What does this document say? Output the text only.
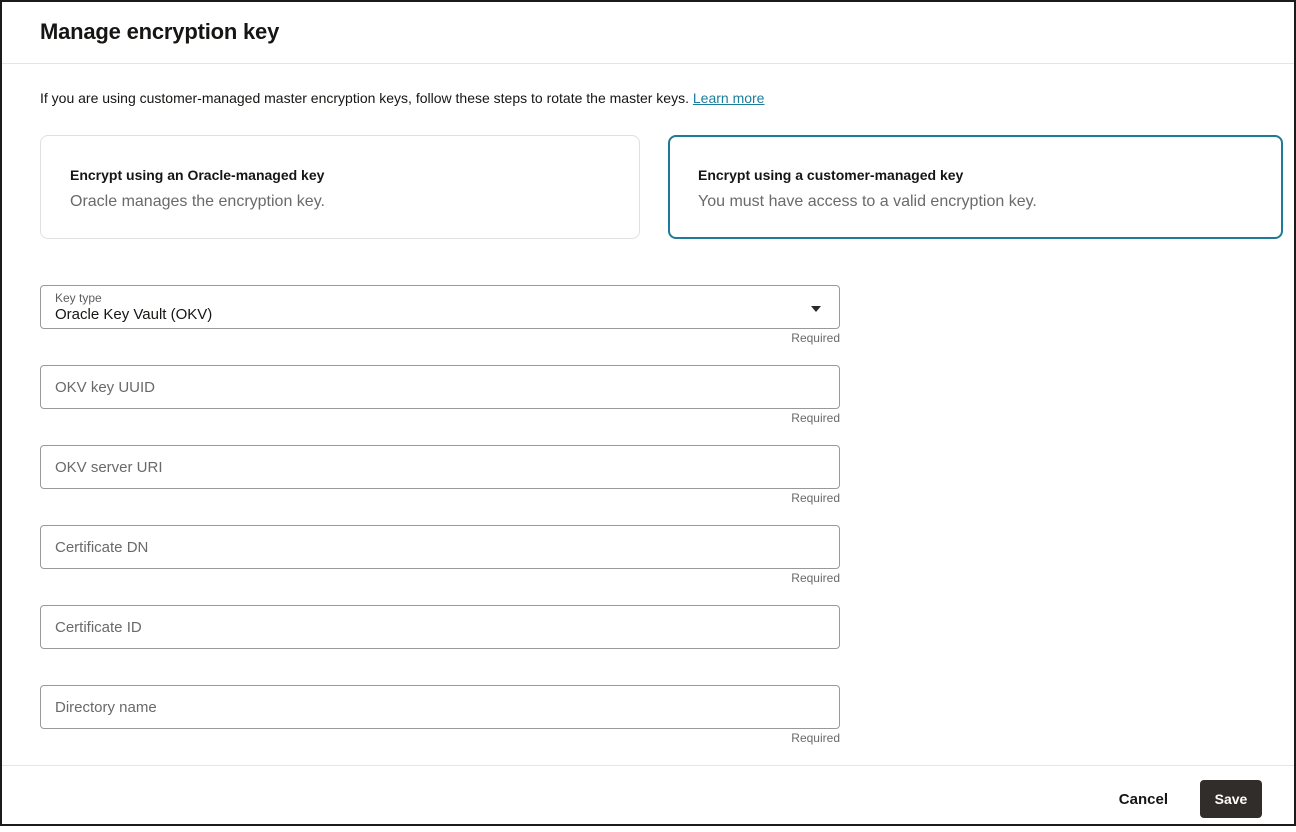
Manage encryption key

If you are using customer-managed master encryption keys, follow these steps to rotate the master keys. Learn more

Encrypt using an Oracle-managed key
Oracle manages the encryption key.
Encrypt using a customer-managed key
You must have access to a valid encryption key.
Key type
Oracle Key Vault (OKV)
Required
OKV key UUID
Required
OKV server URI
Required
Certificate DN
Required
Certificate ID
Directory name
Required
Cancel	Save
